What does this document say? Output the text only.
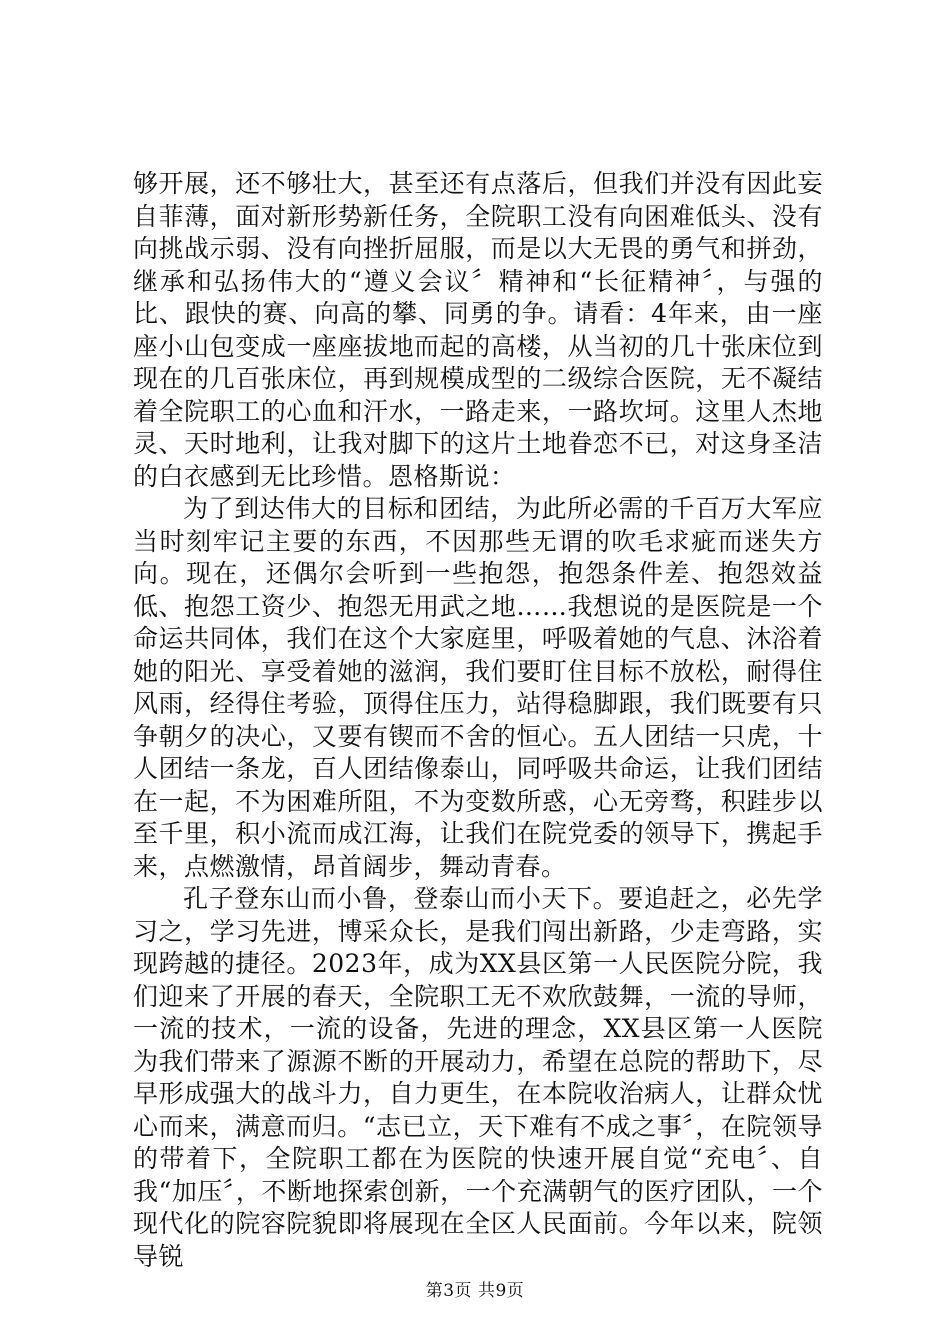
够开展，还不够壮大，甚至还有点落后，但我们并没有因此妄自菲薄，面对新形势新任务，全院职工没有向困难低头、没有向挑战示弱、没有向挫折屈服，而是以大无畏的勇气和拼劲，继承和弘扬伟大的“遵义会议〞精神和“长征精神〞，与强的比、跟快的赛、向高的攀、同勇的争。请看：4年来，由一座座小山包变成一座座拔地而起的高楼，从当初的几十张床位到现在的几百张床位，再到规模成型的二级综合医院，无不凝结着全院职工的心血和汗水，一路走来，一路坎坷。这里人杰地灵、天时地利，让我对脚下的这片土地眷恋不已，对这身圣洁的白衣感到无比珍惜。恩格斯说：

为了到达伟大的目标和团结，为此所必需的千百万大军应当时刻牢记主要的东西，不因那些无谓的吹毛求疵而迷失方向。现在，还偶尔会听到一些抱怨，抱怨条件差、抱怨效益低、抱怨工资少、抱怨无用武之地……我想说的是医院是一个命运共同体，我们在这个大家庭里，呼吸着她的气息、沐浴着她的阳光、享受着她的滋润，我们要盯住目标不放松，耐得住风雨，经得住考验，顶得住压力，站得稳脚跟，我们既要有只争朝夕的决心，又要有锲而不舍的恒心。五人团结一只虎，十人团结一条龙，百人团结像泰山，同呼吸共命运，让我们团结在一起，不为困难所阻，不为变数所惑，心无旁骛，积跬步以至千里，积小流而成江海，让我们在院党委的领导下，携起手来，点燃激情，昂首阔步，舞动青春。

孔子登东山而小鲁，登泰山而小天下。要追赶之，必先学习之，学习先进，博采众长，是我们闯出新路，少走弯路，实现跨越的捷径。2023年，成为XX县区第一人民医院分院，我们迎来了开展的春天，全院职工无不欢欣鼓舞，一流的导师，一流的技术，一流的设备，先进的理念，XX县区第一人医院为我们带来了源源不断的开展动力，希望在总院的帮助下，尽早形成强大的战斗力，自力更生，在本院收治病人，让群众忧心而来，满意而归。“志已立，天下难有不成之事〞，在院领导的带着下，全院职工都在为医院的快速开展自觉“充电〞、自我“加压〞，不断地探索创新，一个充满朝气的医疗团队，一个现代化的院容院貌即将展现在全区人民面前。今年以来，院领导锐

第3页 共9页
